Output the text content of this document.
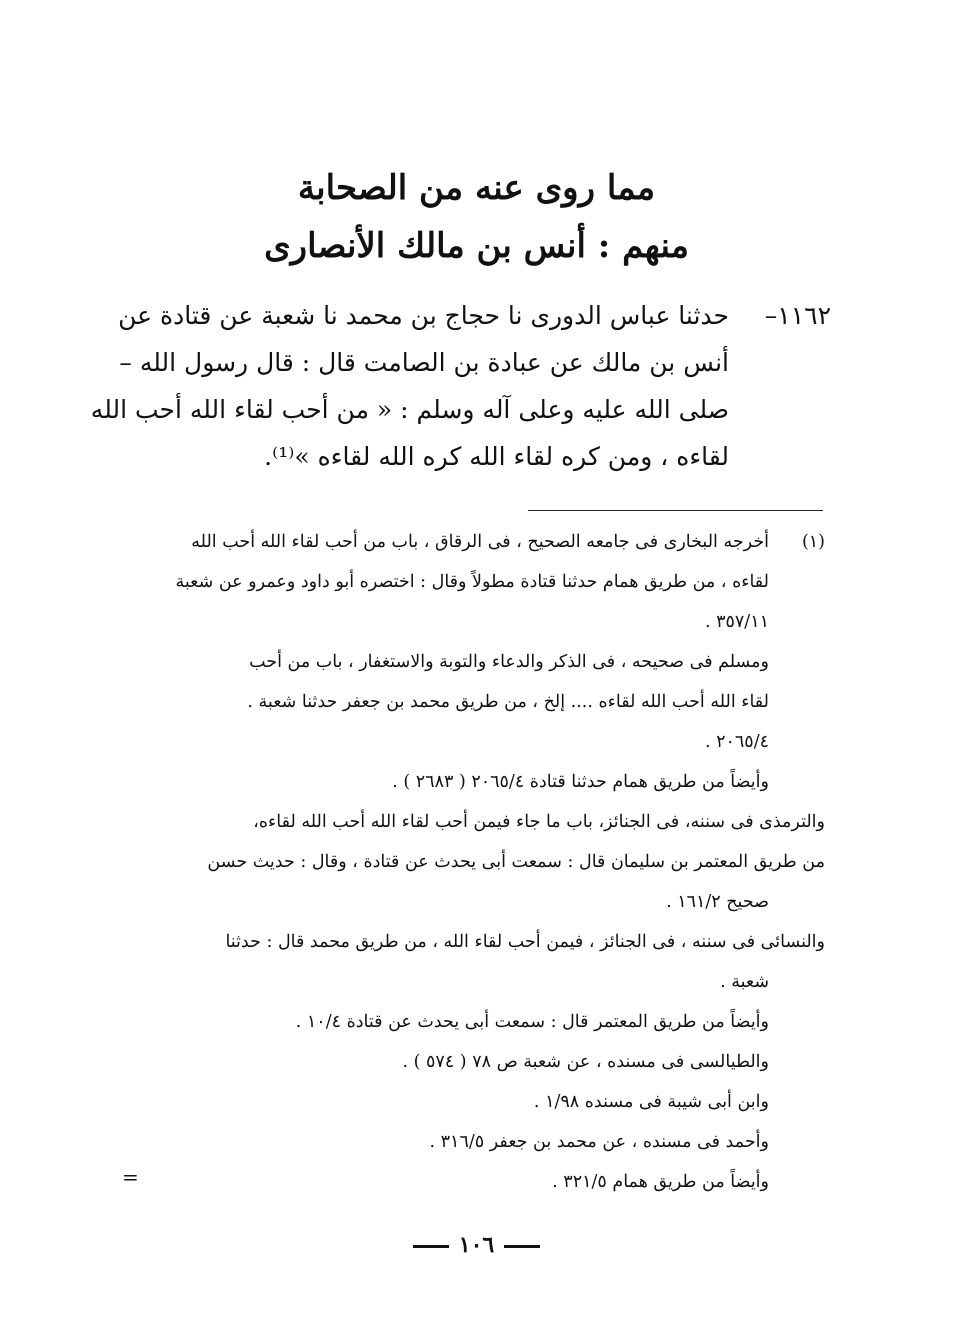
مما روى عنه من الصحابة
منهم : أنس بن مالك الأنصارى
١١٦٢–
حدثنا عباس الدورى نا حجاج بن محمد نا شعبة عن قتادة عن
أنس بن مالك عن عبادة بن الصامت قال : قال رسول الله –
صلى الله عليه وعلى آله وسلم : « من أحب لقاء الله أحب الله
لقاءه ، ومن كره لقاء الله كره الله لقاءه »⁽¹⁾.
(١)
أخرجه البخارى فى جامعه الصحيح ، فى الرقاق ، باب من أحب لقاء الله أحب الله
لقاءه ، من طريق همام حدثنا قتادة مطولاً وقال : اختصره أبو داود وعمرو عن شعبة
٣٥٧/١١ .
ومسلم فى صحيحه ، فى الذكر والدعاء والتوبة والاستغفار ، باب من أحب
لقاء الله أحب الله لقاءه .... إلخ ، من طريق محمد بن جعفر حدثنا شعبة .
٢٠٦٥/٤ .
وأيضاً من طريق همام حدثنا قتادة ٢٠٦٥/٤ ( ٢٦٨٣ ) .
والترمذى فى سننه، فى الجنائز، باب ما جاء فيمن أحب لقاء الله أحب الله لقاءه،
من طريق المعتمر بن سليمان قال : سمعت أبى يحدث عن قتادة ، وقال : حديث حسن
صحيح ١٦١/٢ .
والنسائى فى سننه ، فى الجنائز ، فيمن أحب لقاء الله ، من طريق محمد قال : حدثنا
شعبة .
وأيضاً من طريق المعتمر قال : سمعت أبى يحدث عن قتادة ١٠/٤ .
والطيالسى فى مسنده ، عن شعبة ص ٧٨ ( ٥٧٤ ) .
وابن أبى شيبة فى مسنده ١/٩٨ .
وأحمد فى مسنده ، عن محمد بن جعفر ٣١٦/٥ .
وأيضاً من طريق همام ٣٢١/٥ .
=
١٠٦
